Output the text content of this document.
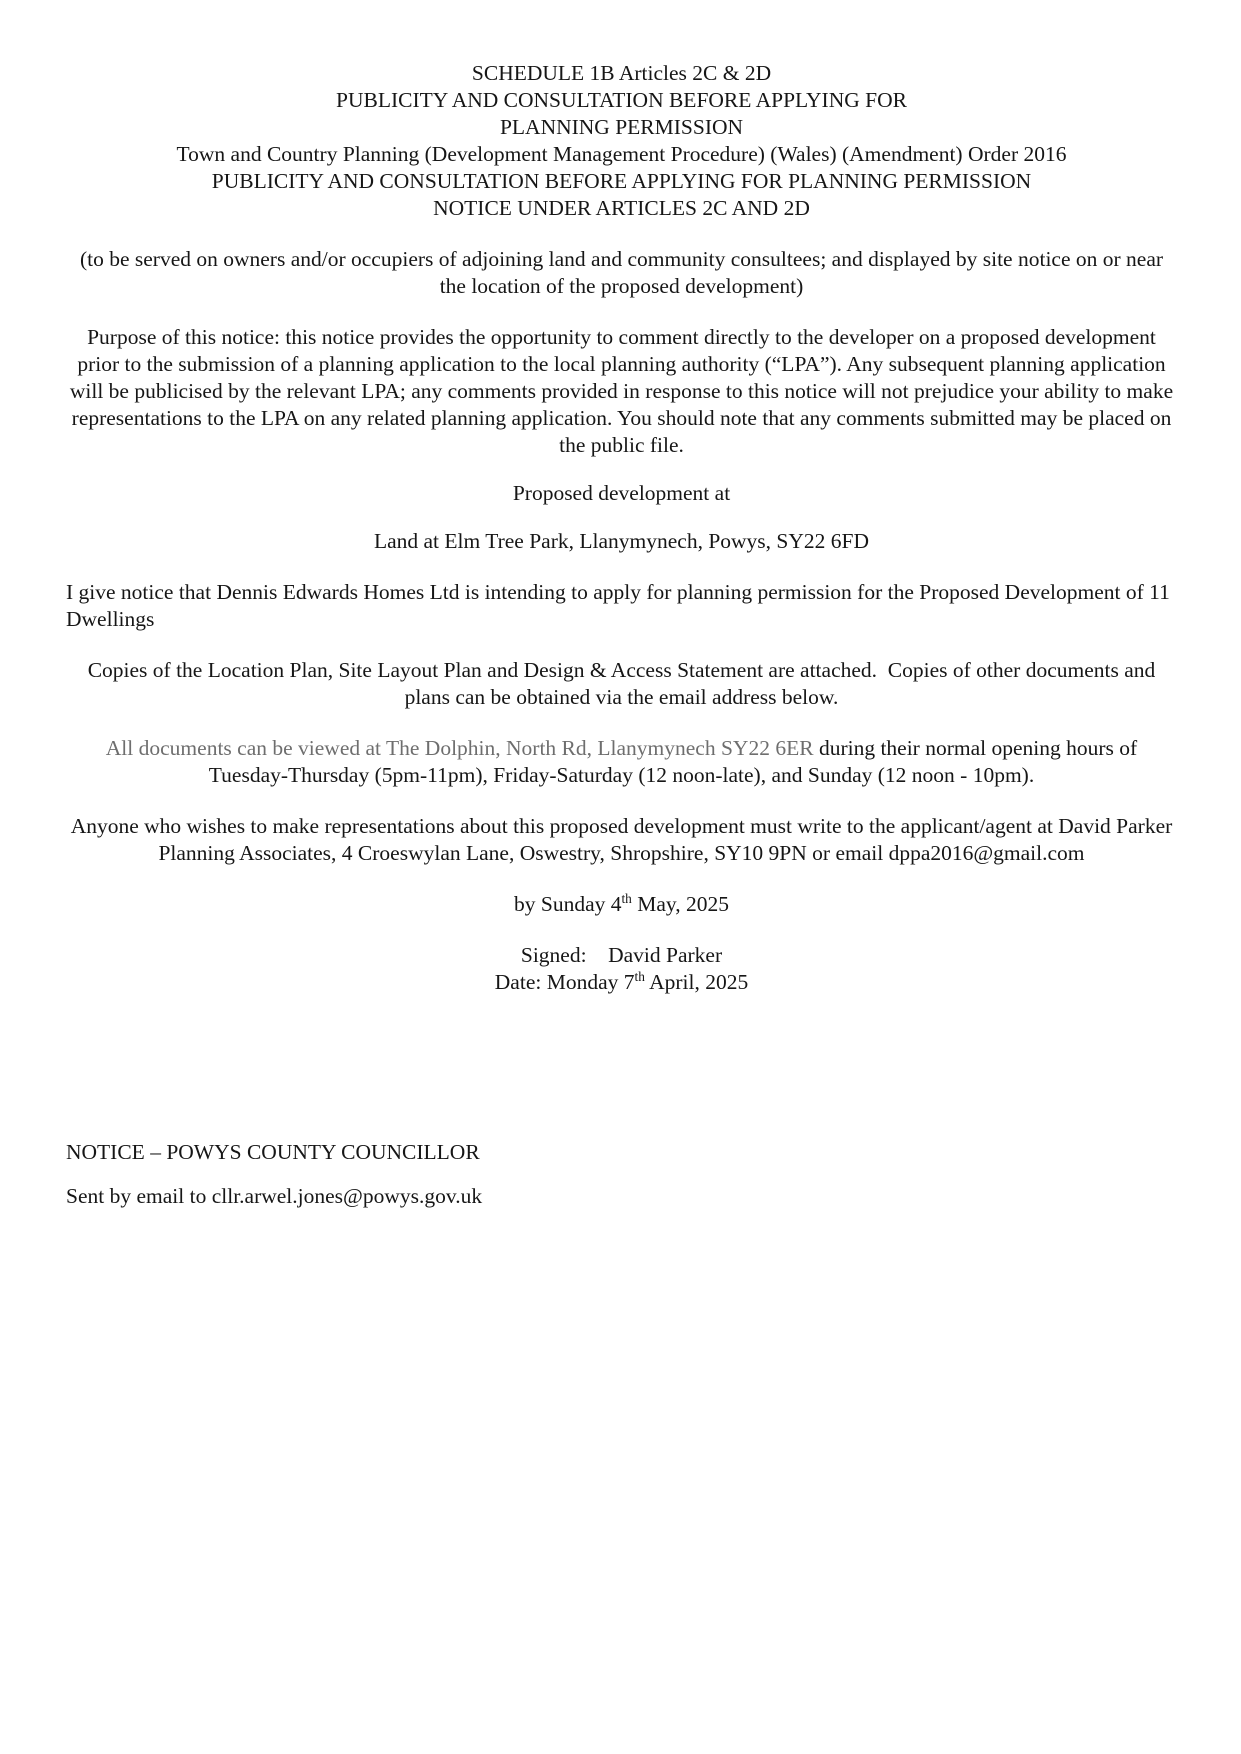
SCHEDULE 1B Articles 2C & 2D
PUBLICITY AND CONSULTATION BEFORE APPLYING FOR
PLANNING PERMISSION
Town and Country Planning (Development Management Procedure) (Wales) (Amendment) Order 2016
PUBLICITY AND CONSULTATION BEFORE APPLYING FOR PLANNING PERMISSION
NOTICE UNDER ARTICLES 2C AND 2D

(to be served on owners and/or occupiers of adjoining land and community consultees; and displayed by site notice on or near the location of the proposed development)

Purpose of this notice: this notice provides the opportunity to comment directly to the developer on a proposed development prior to the submission of a planning application to the local planning authority (“LPA”). Any subsequent planning application will be publicised by the relevant LPA; any comments provided in response to this notice will not prejudice your ability to make representations to the LPA on any related planning application. You should note that any comments submitted may be placed on the public file.

Proposed development at

Land at Elm Tree Park, Llanymynech, Powys, SY22 6FD

I give notice that Dennis Edwards Homes Ltd is intending to apply for planning permission for the Proposed Development of 11 Dwellings

Copies of the Location Plan, Site Layout Plan and Design & Access Statement are attached.  Copies of other documents and plans can be obtained via the email address below.

All documents can be viewed at The Dolphin, North Rd, Llanymynech SY22 6ER during their normal opening hours of Tuesday-Thursday (5pm-11pm), Friday-Saturday (12 noon-late), and Sunday (12 noon - 10pm).

Anyone who wishes to make representations about this proposed development must write to the applicant/agent at David Parker Planning Associates, 4 Croeswylan Lane, Oswestry, Shropshire, SY10 9PN or email dppa2016@gmail.com

by Sunday 4th May, 2025

Signed:    David Parker
Date: Monday 7th April, 2025

NOTICE – POWYS COUNTY COUNCILLOR

Sent by email to cllr.arwel.jones@powys.gov.uk
